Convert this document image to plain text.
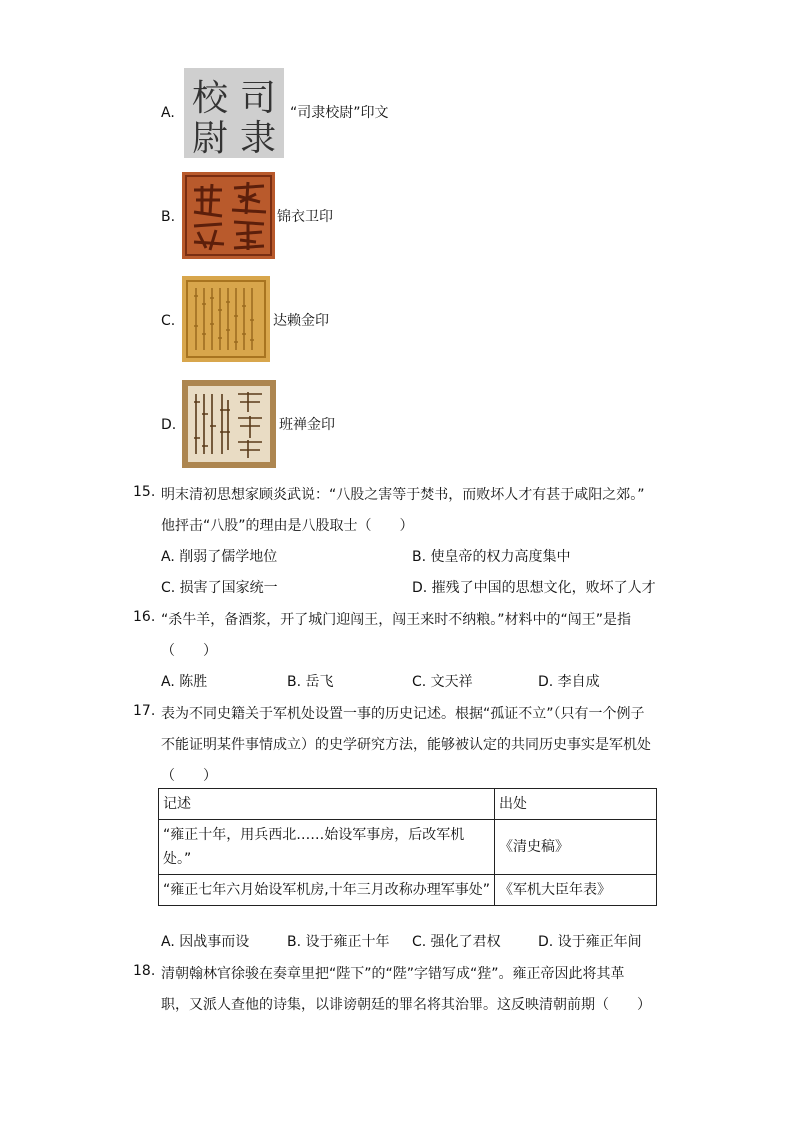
A. 司
隶
校
尉
“司隶校尉”印文
B.	锦衣卫印
C.	达赖金印
D.	班禅金印
15. 明末清初思想家顾炎武说：“八股之害等于焚书，而败坏人才有甚于咸阳之郊。”
他抨击“八股”的理由是八股取士（　　）
A. 削弱了儒学地位	B. 使皇帝的权力高度集中
C. 损害了国家统一	D. 摧残了中国的思想文化，败坏了人才
16. “杀牛羊，备酒浆，开了城门迎闯王，闯王来时不纳粮。”材料中的“闯王”是指
（　　）
A. 陈胜	B. 岳飞	C. 文天祥	D. 李自成
17. 表为不同史籍关于军机处设置一事的历史记述。根据“孤证不立”（只有一个例子
不能证明某件事情成立）的史学研究方法，能够被认定的共同历史事实是军机处
（　　）
记述	出处
“雍正十年，用兵西北……始设军事房，后改军机处。”	《清史稿》
“雍正七年六月始设军机房,十年三月改称办理军事处”	《军机大臣年表》
A. 因战事而设	B. 设于雍正十年 C. 强化了君权	D. 设于雍正年间
18. 清朝翰林官徐骏在奏章里把“陛下”的“陛”字错写成“狴”。雍正帝因此将其革
职，又派人查他的诗集，以诽谤朝廷的罪名将其治罪。这反映清朝前期（　　）
